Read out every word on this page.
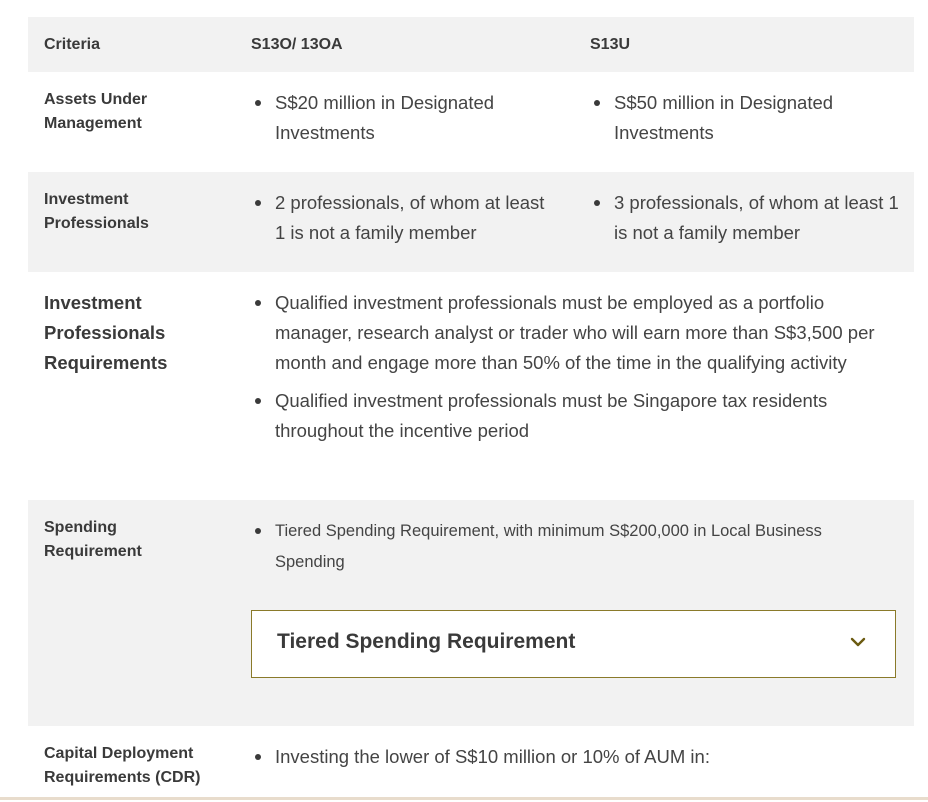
Criteria	S13O/ 13OA	S13U
Assets Under Management
S$20 million in Designated Investments
S$50 million in Designated Investments
Investment Professionals
2 professionals, of whom at least 1 is not a family member
3 professionals, of whom at least 1 is not a family member
Investment Professionals Requirements
Qualified investment professionals must be employed as a portfolio manager, research analyst or trader who will earn more than S$3,500 per month and engage more than 50% of the time in the qualifying activity
Qualified investment professionals must be Singapore tax residents throughout the incentive period
Spending Requirement
Tiered Spending Requirement, with minimum S$200,000 in Local Business Spending
Tiered Spending Requirement
Capital Deployment Requirements (CDR)
Investing the lower of S$10 million or 10% of AUM in:
